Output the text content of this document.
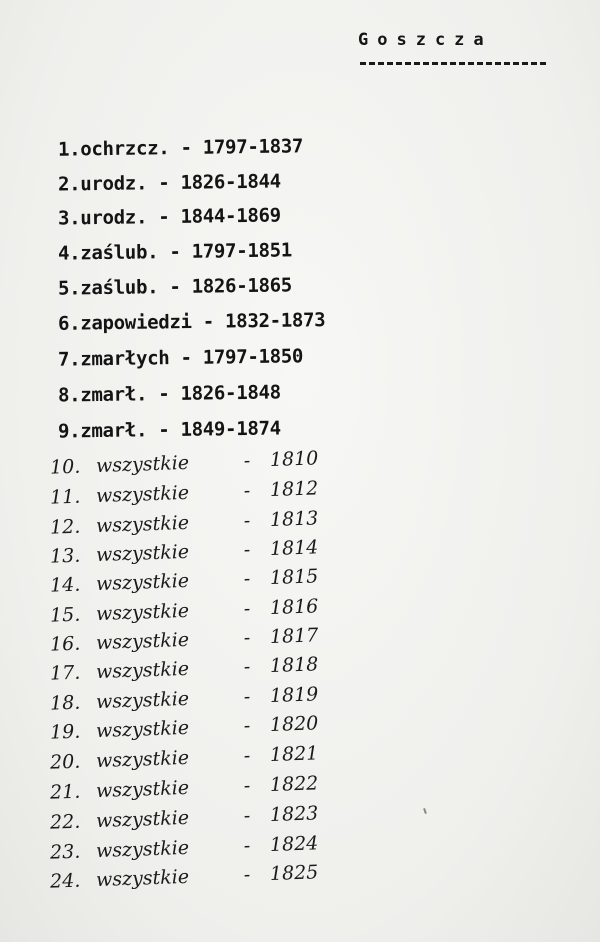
Goszcza
1.ochrzcz. - 1797-1837
2.urodz. - 1826-1844
3.urodz. - 1844-1869
4.zaślub. - 1797-1851
5.zaślub. - 1826-1865
6.zapowiedzi - 1832-1873
7.zmarłych - 1797-1850
8.zmarł. - 1826-1848
9.zmarł. - 1849-1874
10. wszystkie	- 1810
11. wszystkie	- 1812
12. wszystkie	- 1813
13. wszystkie	- 1814
14. wszystkie	- 1815
15. wszystkie	- 1816
16. wszystkie	- 1817
17. wszystkie	- 1818
18. wszystkie	- 1819
19. wszystkie	- 1820
20. wszystkie	- 1821
21. wszystkie	- 1822
22. wszystkie	- 1823
23. wszystkie	- 1824
24. wszystkie	- 1825
